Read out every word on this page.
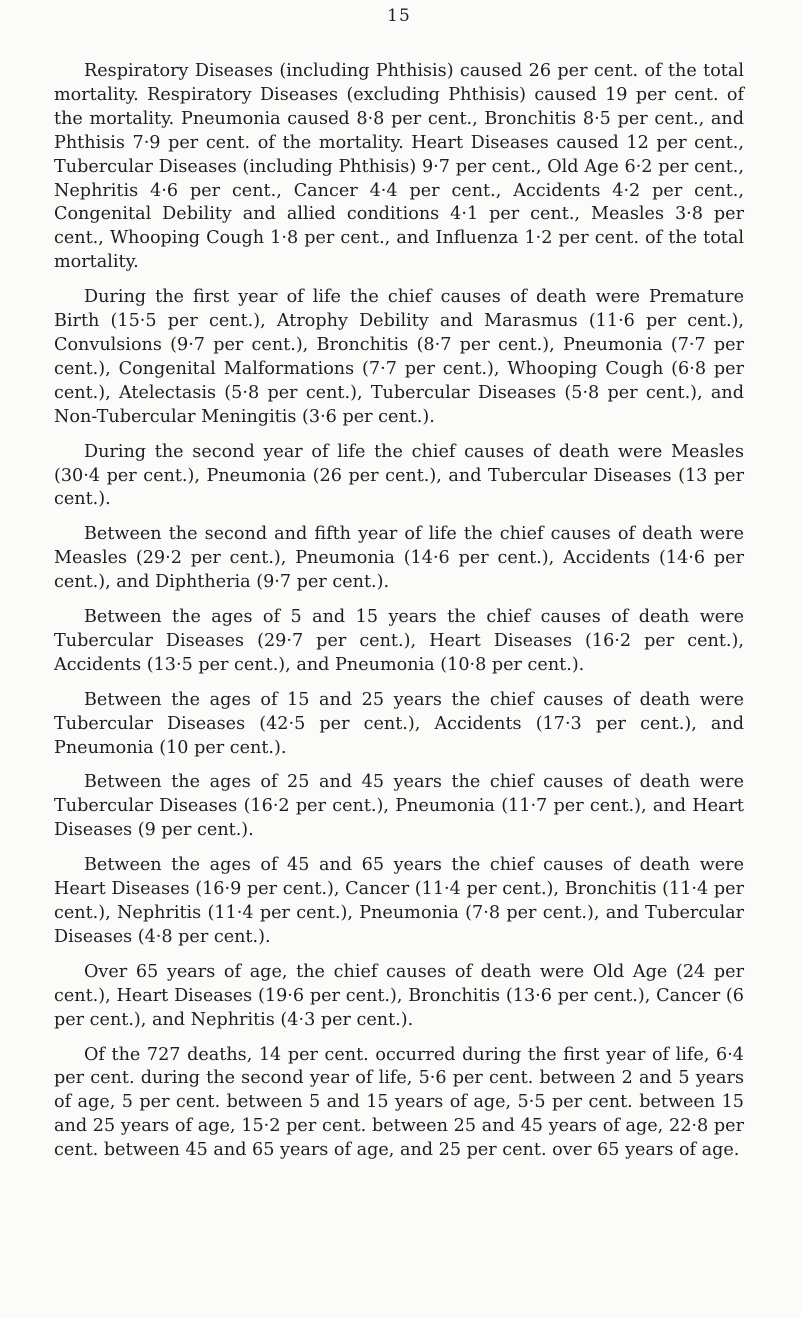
15

Respiratory Diseases (including Phthisis) caused 26 per cent. of the total mortality. Respiratory Diseases (excluding Phthisis) caused 19 per cent. of the mortality. Pneumonia caused 8·8 per cent., Bronchitis 8·5 per cent., and Phthisis 7·9 per cent. of the mortality. Heart Diseases caused 12 per cent., Tubercular Diseases (including Phthisis) 9·7 per cent., Old Age 6·2 per cent., Nephritis 4·6 per cent., Cancer 4·4 per cent., Accidents 4·2 per cent., Congenital Debility and allied conditions 4·1 per cent., Measles 3·8 per cent., Whooping Cough 1·8 per cent., and Influenza 1·2 per cent. of the total mortality.

During the first year of life the chief causes of death were Premature Birth (15·5 per cent.), Atrophy Debility and Marasmus (11·6 per cent.), Convulsions (9·7 per cent.), Bronchitis (8·7 per cent.), Pneumonia (7·7 per cent.), Congenital Malformations (7·7 per cent.), Whooping Cough (6·8 per cent.), Atelectasis (5·8 per cent.), Tubercular Diseases (5·8 per cent.), and Non-Tubercular Meningitis (3·6 per cent.).

During the second year of life the chief causes of death were Measles (30·4 per cent.), Pneumonia (26 per cent.), and Tubercular Diseases (13 per cent.).

Between the second and fifth year of life the chief causes of death were Measles (29·2 per cent.), Pneumonia (14·6 per cent.), Accidents (14·6 per cent.), and Diphtheria (9·7 per cent.).

Between the ages of 5 and 15 years the chief causes of death were Tubercular Diseases (29·7 per cent.), Heart Diseases (16·2 per cent.), Accidents (13·5 per cent.), and Pneumonia (10·8 per cent.).

Between the ages of 15 and 25 years the chief causes of death were Tubercular Diseases (42·5 per cent.), Accidents (17·3 per cent.), and Pneumonia (10 per cent.).

Between the ages of 25 and 45 years the chief causes of death were Tubercular Diseases (16·2 per cent.), Pneumonia (11·7 per cent.), and Heart Diseases (9 per cent.).

Between the ages of 45 and 65 years the chief causes of death were Heart Diseases (16·9 per cent.), Cancer (11·4 per cent.), Bronchitis (11·4 per cent.), Nephritis (11·4 per cent.), Pneumonia (7·8 per cent.), and Tubercular Diseases (4·8 per cent.).

Over 65 years of age, the chief causes of death were Old Age (24 per cent.), Heart Diseases (19·6 per cent.), Bronchitis (13·6 per cent.), Cancer (6 per cent.), and Nephritis (4·3 per cent.).

Of the 727 deaths, 14 per cent. occurred during the first year of life, 6·4 per cent. during the second year of life, 5·6 per cent. between 2 and 5 years of age, 5 per cent. between 5 and 15 years of age, 5·5 per cent. between 15 and 25 years of age, 15·2 per cent. between 25 and 45 years of age, 22·8 per cent. between 45 and 65 years of age, and 25 per cent. over 65 years of age.
